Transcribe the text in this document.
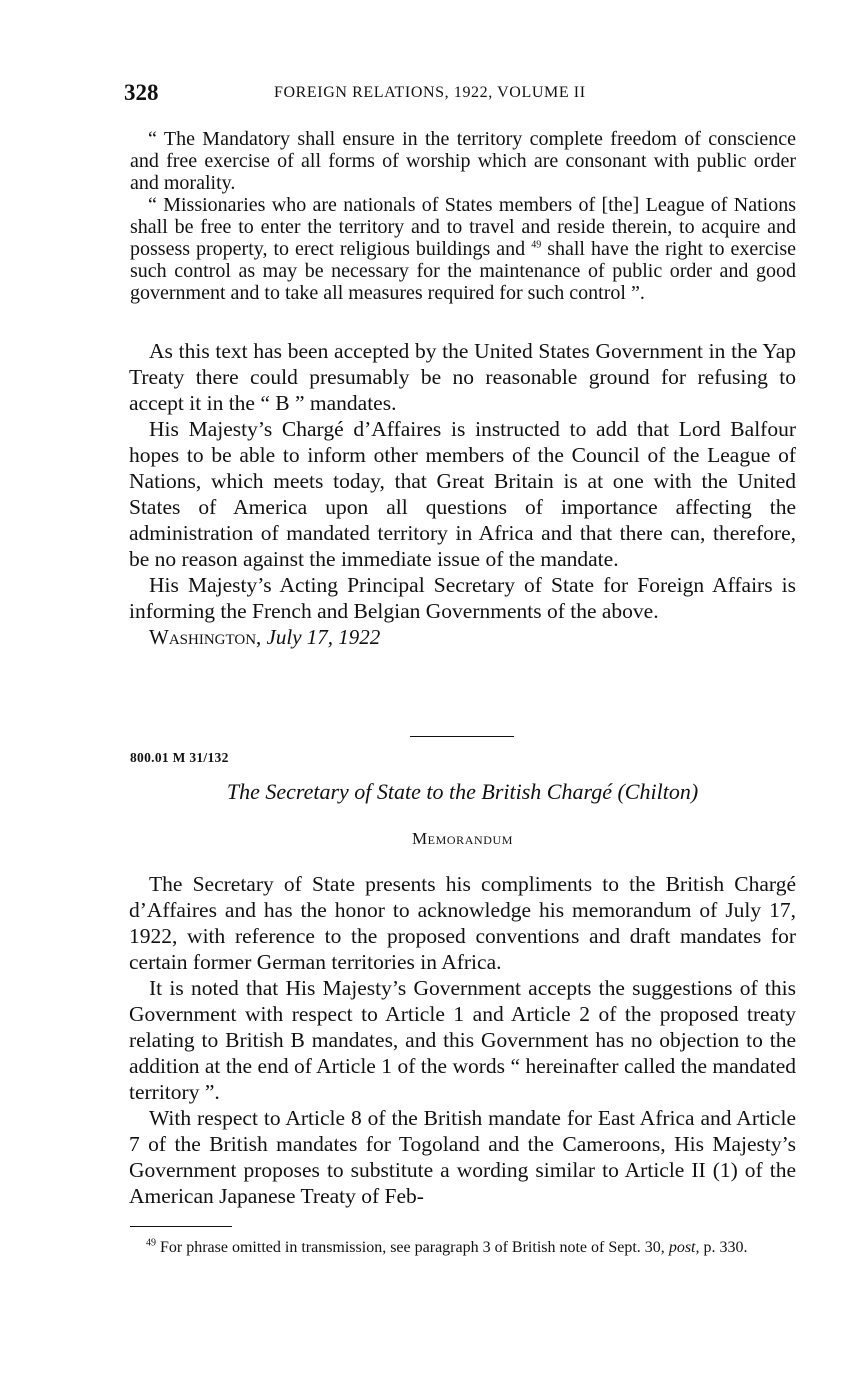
328	FOREIGN RELATIONS, 1922, VOLUME II

“ The Mandatory shall ensure in the territory complete freedom of conscience and free exercise of all forms of worship which are consonant with public order and morality.

“ Missionaries who are nationals of States members of [the] League of Nations shall be free to enter the territory and to travel and reside therein, to acquire and possess property, to erect religious buildings and $^{49}$ shall have the right to exercise such control as may be necessary for the maintenance of public order and good government and to take all measures required for such control ”.

As this text has been accepted by the United States Government in the Yap Treaty there could presumably be no reasonable ground for refusing to accept it in the “ B ” mandates.

His Majesty’s Chargé d’Affaires is instructed to add that Lord Balfour hopes to be able to inform other members of the Council of the League of Nations, which meets today, that Great Britain is at one with the United States of America upon all questions of importance affecting the administration of mandated territory in Africa and that there can, therefore, be no reason against the immediate issue of the mandate.

His Majesty’s Acting Principal Secretary of State for Foreign Affairs is informing the French and Belgian Governments of the above.

Washington, July 17, 1922
800.01 M 31/132
The Secretary of State to the British Chargé (Chilton)
Memorandum

The Secretary of State presents his compliments to the British Chargé d’Affaires and has the honor to acknowledge his memorandum of July 17, 1922, with reference to the proposed conventions and draft mandates for certain former German territories in Africa.

It is noted that His Majesty’s Government accepts the suggestions of this Government with respect to Article 1 and Article 2 of the proposed treaty relating to British B mandates, and this Government has no objection to the addition at the end of Article 1 of the words “ hereinafter called the mandated territory ”.

With respect to Article 8 of the British mandate for East Africa and Article 7 of the British mandates for Togoland and the Cameroons, His Majesty’s Government proposes to substitute a wording similar to Article II (1) of the American Japanese Treaty of Feb-

$^{49}$ For phrase omitted in transmission, see paragraph 3 of British note of Sept. 30, post, p. 330.
